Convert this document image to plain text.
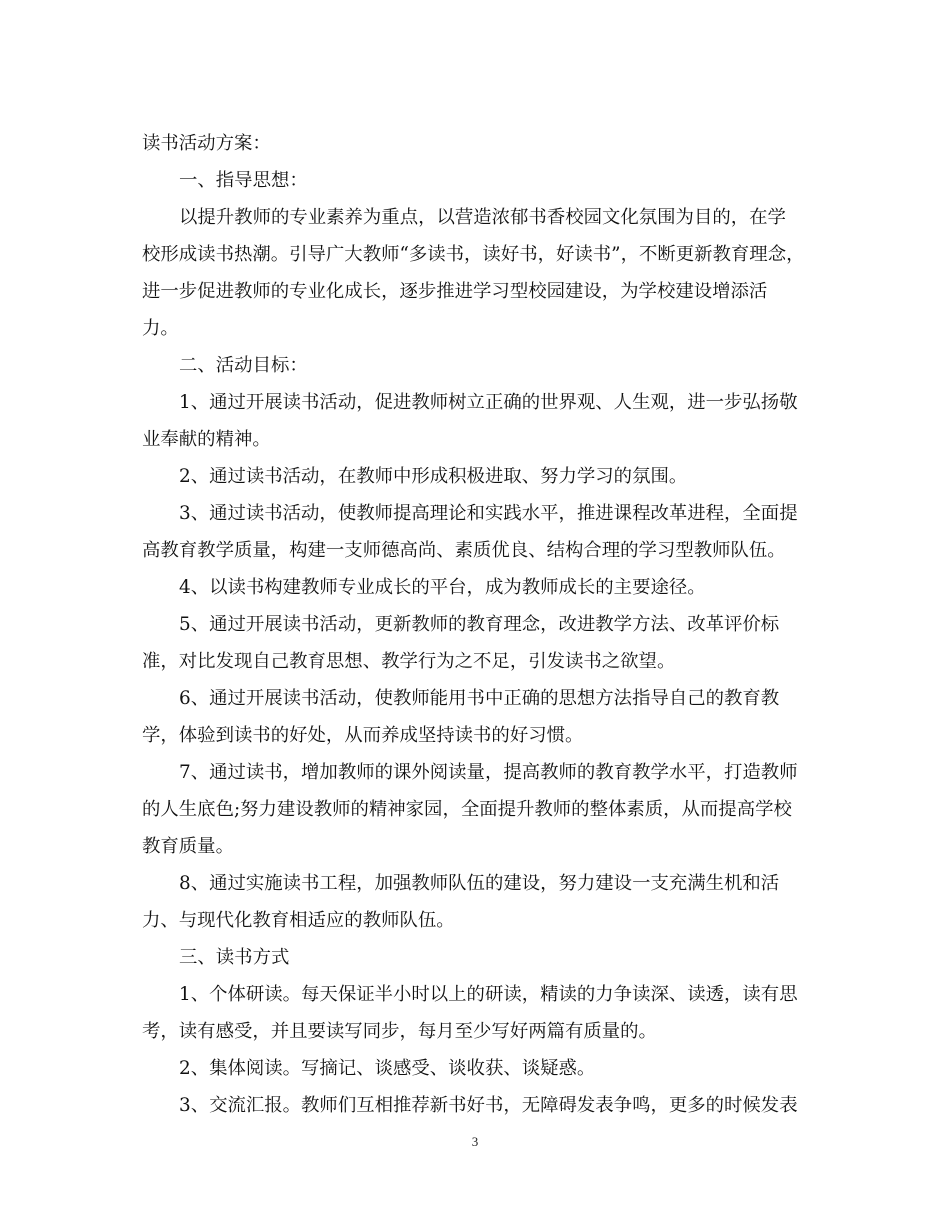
读书活动方案：
一、指导思想：
以提升教师的专业素养为重点，以营造浓郁书香校园文化氛围为目的，在学
校形成读书热潮。引导广大教师“多读书，读好书，好读书”，不断更新教育理念，
进一步促进教师的专业化成长，逐步推进学习型校园建设，为学校建设增添活
力。
二、活动目标：
1、通过开展读书活动，促进教师树立正确的世界观、人生观，进一步弘扬敬
业奉献的精神。
2、通过读书活动，在教师中形成积极进取、努力学习的氛围。
3、通过读书活动，使教师提高理论和实践水平，推进课程改革进程，全面提
高教育教学质量，构建一支师德高尚、素质优良、结构合理的学习型教师队伍。
4、以读书构建教师专业成长的平台，成为教师成长的主要途径。
5、通过开展读书活动，更新教师的教育理念，改进教学方法、改革评价标
准，对比发现自己教育思想、教学行为之不足，引发读书之欲望。
6、通过开展读书活动，使教师能用书中正确的思想方法指导自己的教育教
学，体验到读书的好处，从而养成坚持读书的好习惯。
7、通过读书，增加教师的课外阅读量，提高教师的教育教学水平，打造教师
的人生底色;努力建设教师的精神家园，全面提升教师的整体素质，从而提高学校
教育质量。
8、通过实施读书工程，加强教师队伍的建设，努力建设一支充满生机和活
力、与现代化教育相适应的教师队伍。
三、读书方式
1、个体研读。每天保证半小时以上的研读，精读的力争读深、读透，读有思
考，读有感受，并且要读写同步，每月至少写好两篇有质量的。
2、集体阅读。写摘记、谈感受、谈收获、谈疑惑。
3、交流汇报。教师们互相推荐新书好书，无障碍发表争鸣，更多的时候发表
3
